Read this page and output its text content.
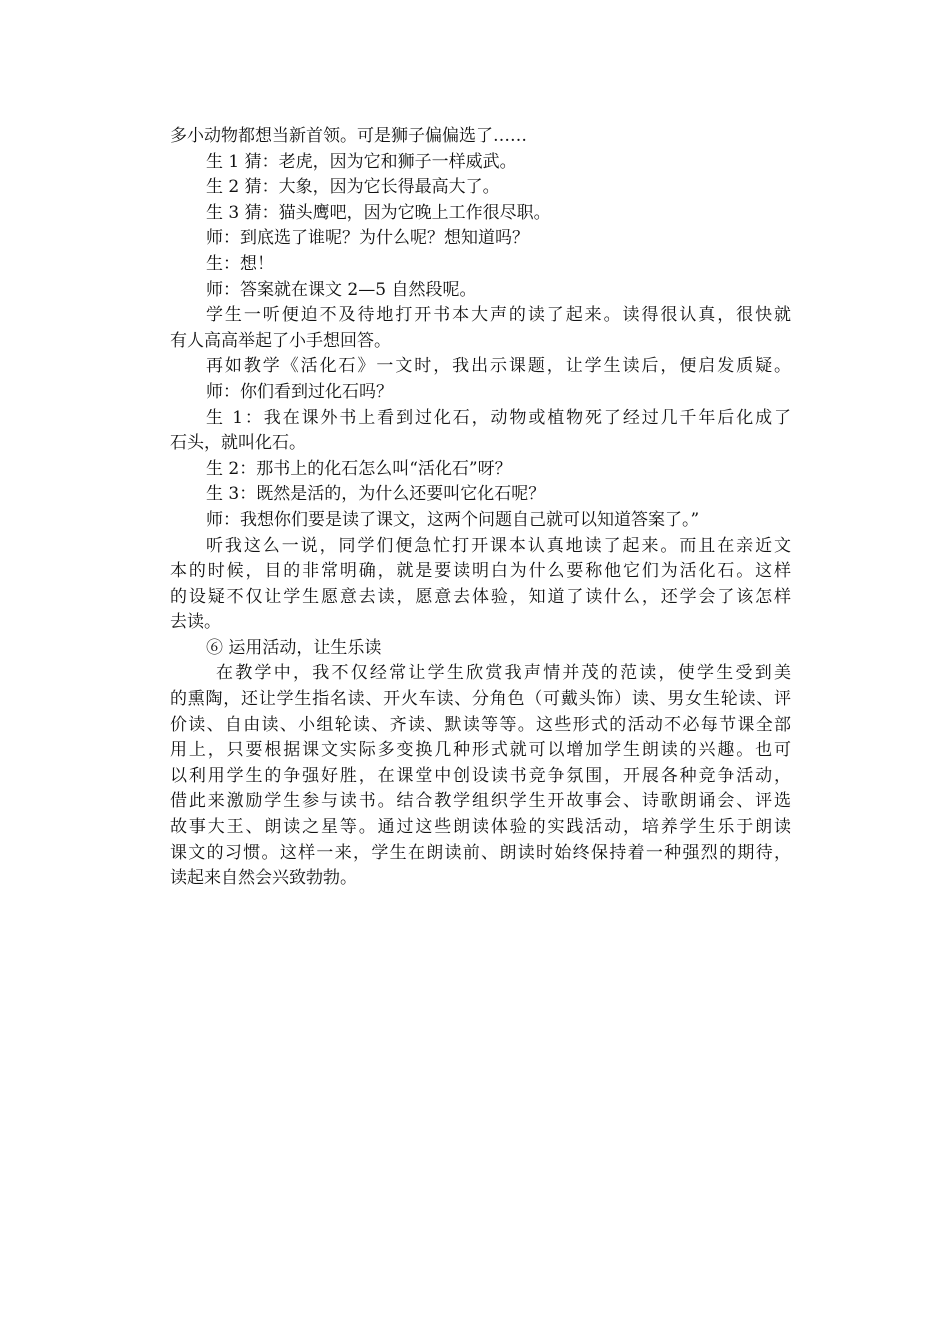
多小动物都想当新首领。可是狮子偏偏选了……
生 1 猜：老虎，因为它和狮子一样威武。
生 2 猜：大象，因为它长得最高大了。
生 3 猜：猫头鹰吧，因为它晚上工作很尽职。
师：到底选了谁呢？为什么呢？想知道吗？
生：想！
师：答案就在课文 2—5 自然段呢。
学生一听便迫不及待地打开书本大声的读了起来。读得很认真，很快就
有人高高举起了小手想回答。
再如教学《活化石》一文时，我出示课题，让学生读后，便启发质疑。
师：你们看到过化石吗？
生 1：我在课外书上看到过化石，动物或植物死了经过几千年后化成了
石头，就叫化石。
生 2：那书上的化石怎么叫“活化石”呀？
生 3：既然是活的，为什么还要叫它化石呢？
师：我想你们要是读了课文，这两个问题自己就可以知道答案了。”
听我这么一说，同学们便急忙打开课本认真地读了起来。而且在亲近文
本的时候，目的非常明确，就是要读明白为什么要称他它们为活化石。这样
的设疑不仅让学生愿意去读，愿意去体验，知道了读什么，还学会了该怎样
去读。
⑥ 运用活动，让生乐读
在教学中，我不仅经常让学生欣赏我声情并茂的范读，使学生受到美
的熏陶，还让学生指名读、开火车读、分角色（可戴头饰）读、男女生轮读、评
价读、自由读、小组轮读、齐读、默读等等。这些形式的活动不必每节课全部
用上，只要根据课文实际多变换几种形式就可以增加学生朗读的兴趣。也可
以利用学生的争强好胜，在课堂中创设读书竞争氛围，开展各种竞争活动，
借此来激励学生参与读书。结合教学组织学生开故事会、诗歌朗诵会、评选
故事大王、朗读之星等。通过这些朗读体验的实践活动，培养学生乐于朗读
课文的习惯。这样一来，学生在朗读前、朗读时始终保持着一种强烈的期待，
读起来自然会兴致勃勃。
